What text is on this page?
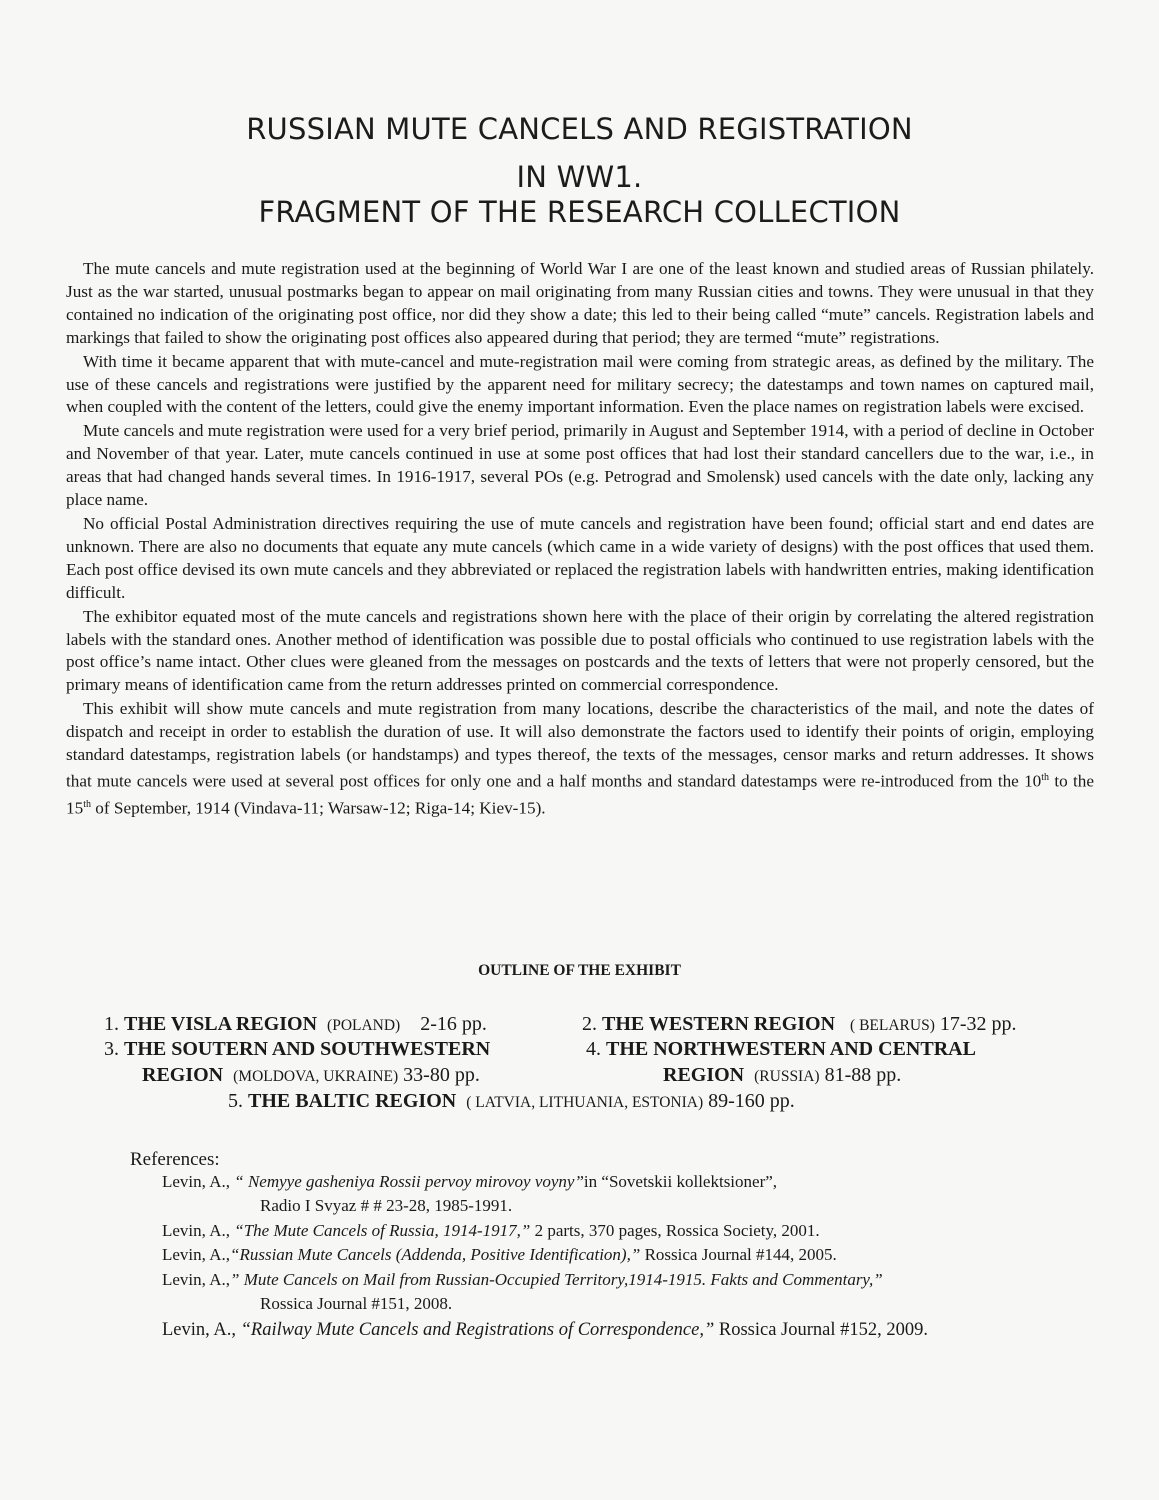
RUSSIAN MUTE CANCELS AND REGISTRATION
IN WW1.
FRAGMENT OF THE RESEARCH COLLECTION

The mute cancels and mute registration used at the beginning of World War I are one of the least known and studied areas of Russian philately. Just as the war started, unusual postmarks began to appear on mail originating from many Russian cities and towns. They were unusual in that they contained no indication of the originating post office, nor did they show a date; this led to their being called “mute” cancels. Registration labels and markings that failed to show the originating post offices also appeared during that period; they are termed “mute” registrations.

With time it became apparent that with mute-cancel and mute-registration mail were coming from strategic areas, as defined by the military. The use of these cancels and registrations were justified by the apparent need for military secrecy; the datestamps and town names on captured mail, when coupled with the content of the letters, could give the enemy important information. Even the place names on registration labels were excised.

Mute cancels and mute registration were used for a very brief period, primarily in August and September 1914, with a period of decline in October and November of that year. Later, mute cancels continued in use at some post offices that had lost their standard cancellers due to the war, i.e., in areas that had changed hands several times. In 1916-1917, several POs (e.g. Petrograd and Smolensk) used cancels with the date only, lacking any place name.

No official Postal Administration directives requiring the use of mute cancels and registration have been found; official start and end dates are unknown. There are also no documents that equate any mute cancels (which came in a wide variety of designs) with the post offices that used them. Each post office devised its own mute cancels and they abbreviated or replaced the registration labels with handwritten entries, making identification difficult.

The exhibitor equated most of the mute cancels and registrations shown here with the place of their origin by correlating the altered registration labels with the standard ones. Another method of identification was possible due to postal officials who continued to use registration labels with the post office’s name intact. Other clues were gleaned from the messages on postcards and the texts of letters that were not properly censored, but the primary means of identification came from the return addresses printed on commercial correspondence.

This exhibit will show mute cancels and mute registration from many locations, describe the characteristics of the mail, and note the dates of dispatch and receipt in order to establish the duration of use. It will also demonstrate the factors used to identify their points of origin, employing standard datestamps, registration labels (or handstamps) and types thereof, the texts of the messages, censor marks and return addresses. It shows that mute cancels were used at several post offices for only one and a half months and standard datestamps were re-introduced from the 10th to the 15th of September, 1914 (Vindava-11; Warsaw-12; Riga-14; Kiev-15).

OUTLINE OF THE EXHIBIT
1. THE VISLA REGION (POLAND) 2-16 pp.	2. THE WESTERN REGION ( BELARUS) 17-32 pp.
3. THE SOUTERN AND SOUTHWESTERN
REGION (MOLDOVA, UKRAINE) 33-80 pp.
4. THE NORTHWESTERN AND CENTRAL
REGION (RUSSIA) 81-88 pp.
5. THE BALTIC REGION ( LATVIA, LITHUANIA, ESTONIA) 89-160 pp.
References:
Levin, A., “ Nemyye gasheniya Rossii pervoy mirovoy voyny”in “Sovetskii kollektsioner”,
Radio I Svyaz # # 23-28, 1985-1991.
Levin, A., “The Mute Cancels of Russia, 1914-1917,” 2 parts, 370 pages, Rossica Society, 2001.
Levin, A.,“Russian Mute Cancels (Addenda, Positive Identification),” Rossica Journal #144, 2005.
Levin, A.,” Mute Cancels on Mail from Russian-Occupied Territory,1914-1915. Fakts and Commentary,”
Rossica Journal #151, 2008.
Levin, A., “Railway Mute Cancels and Registrations of Correspondence,” Rossica Journal #152, 2009.
